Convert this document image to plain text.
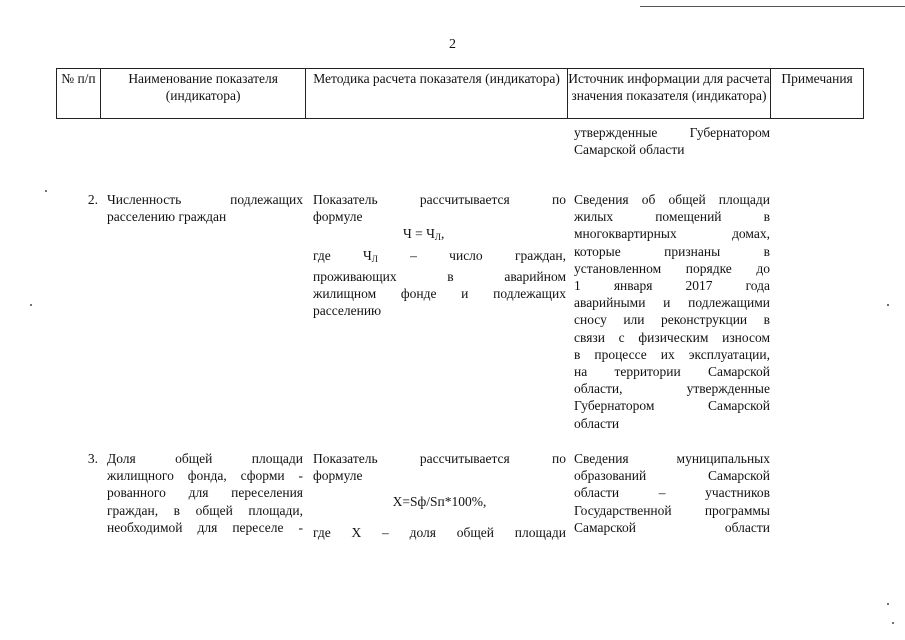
2
№ п/п	Наименование показателя (индикатора)
Методика расчета показателя (индикатора) Источник информации для расчета значения показателя (индикатора)
Примечания
утвержденные Губернатором
Самарской области
2. Численность подлежащих
расселению граждан
Показатель рассчитывается по
формуле
$Ч = Ч_Л$,
где $Ч_Л$ – число граждан,
проживающих в аварийном
жилищном фонде и подлежащих
расселению
Сведения об общей площади
жилых помещений в
многоквартирных домах,
которые признаны в
установленном порядке до
1 января 2017 года
аварийными и подлежащими
сносу или реконструкции в
связи с физическим износом
в процессе их эксплуатации,
на территории Самарской
области, утвержденные
Губернатором Самарской
области
3. Доля общей площади
жилищного фонда, сформи -
рованного для переселения
граждан, в общей площади,
необходимой для переселе -
Показатель рассчитывается по
формуле
X=Sф/Sп*100%,
где X – доля общей площади
Сведения муниципальных
образований Самарской
области – участников
Государственной программы
Самарской области
